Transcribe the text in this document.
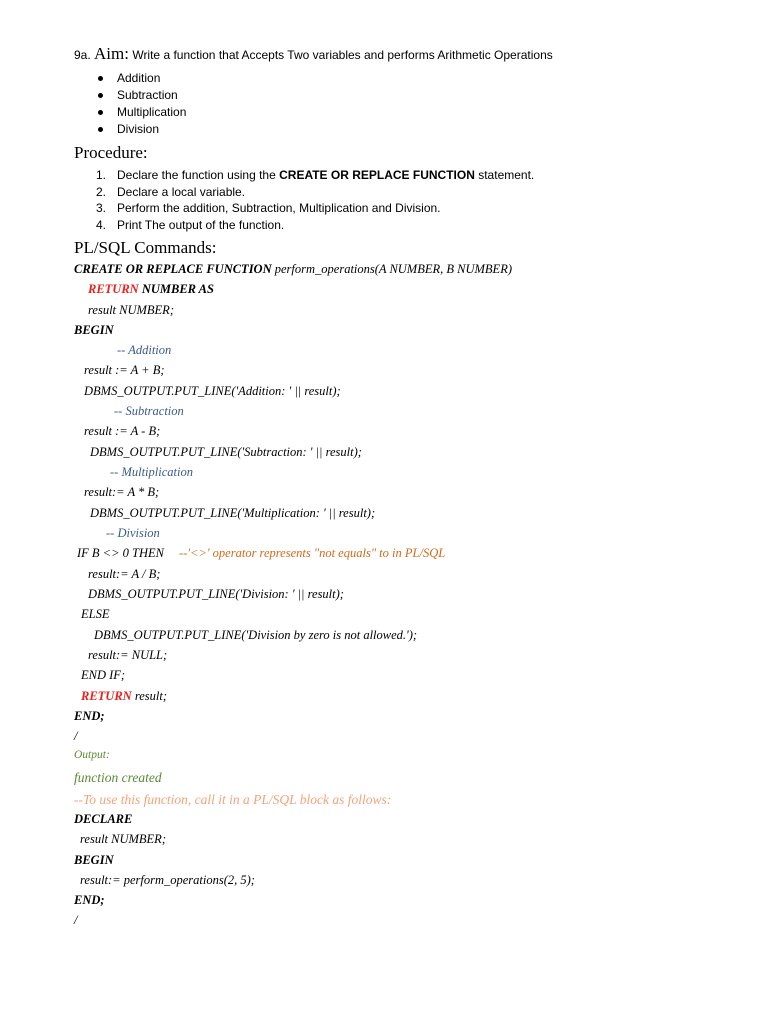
9a. Aim: Write a function that Accepts Two variables and performs Arithmetic Operations
Addition
Subtraction
Multiplication
Division
Procedure:
1. Declare the function using the CREATE OR REPLACE FUNCTION statement.
2. Declare a local variable.
3. Perform the addition, Subtraction, Multiplication and Division.
4. Print The output of the function.
PL/SQL Commands:
CREATE OR REPLACE FUNCTION perform_operations(A NUMBER, B NUMBER)
RETURN NUMBER AS
result NUMBER;
BEGIN
-- Addition
result := A + B;
DBMS_OUTPUT.PUT_LINE('Addition: ' || result);
-- Subtraction
result := A - B;
DBMS_OUTPUT.PUT_LINE('Subtraction: ' || result);
-- Multiplication
result:= A * B;
DBMS_OUTPUT.PUT_LINE('Multiplication: ' || result);
-- Division
IF B <> 0 THEN --'<>' operator represents "not equals" to in PL/SQL
result:= A / B;
DBMS_OUTPUT.PUT_LINE('Division: ' || result);
ELSE
DBMS_OUTPUT.PUT_LINE('Division by zero is not allowed.');
result:= NULL;
END IF;
RETURN result;
END;
/
Output:
function created
--To use this function, call it in a PL/SQL block as follows:
DECLARE
result NUMBER;
BEGIN
result:= perform_operations(2, 5);
END;
/
